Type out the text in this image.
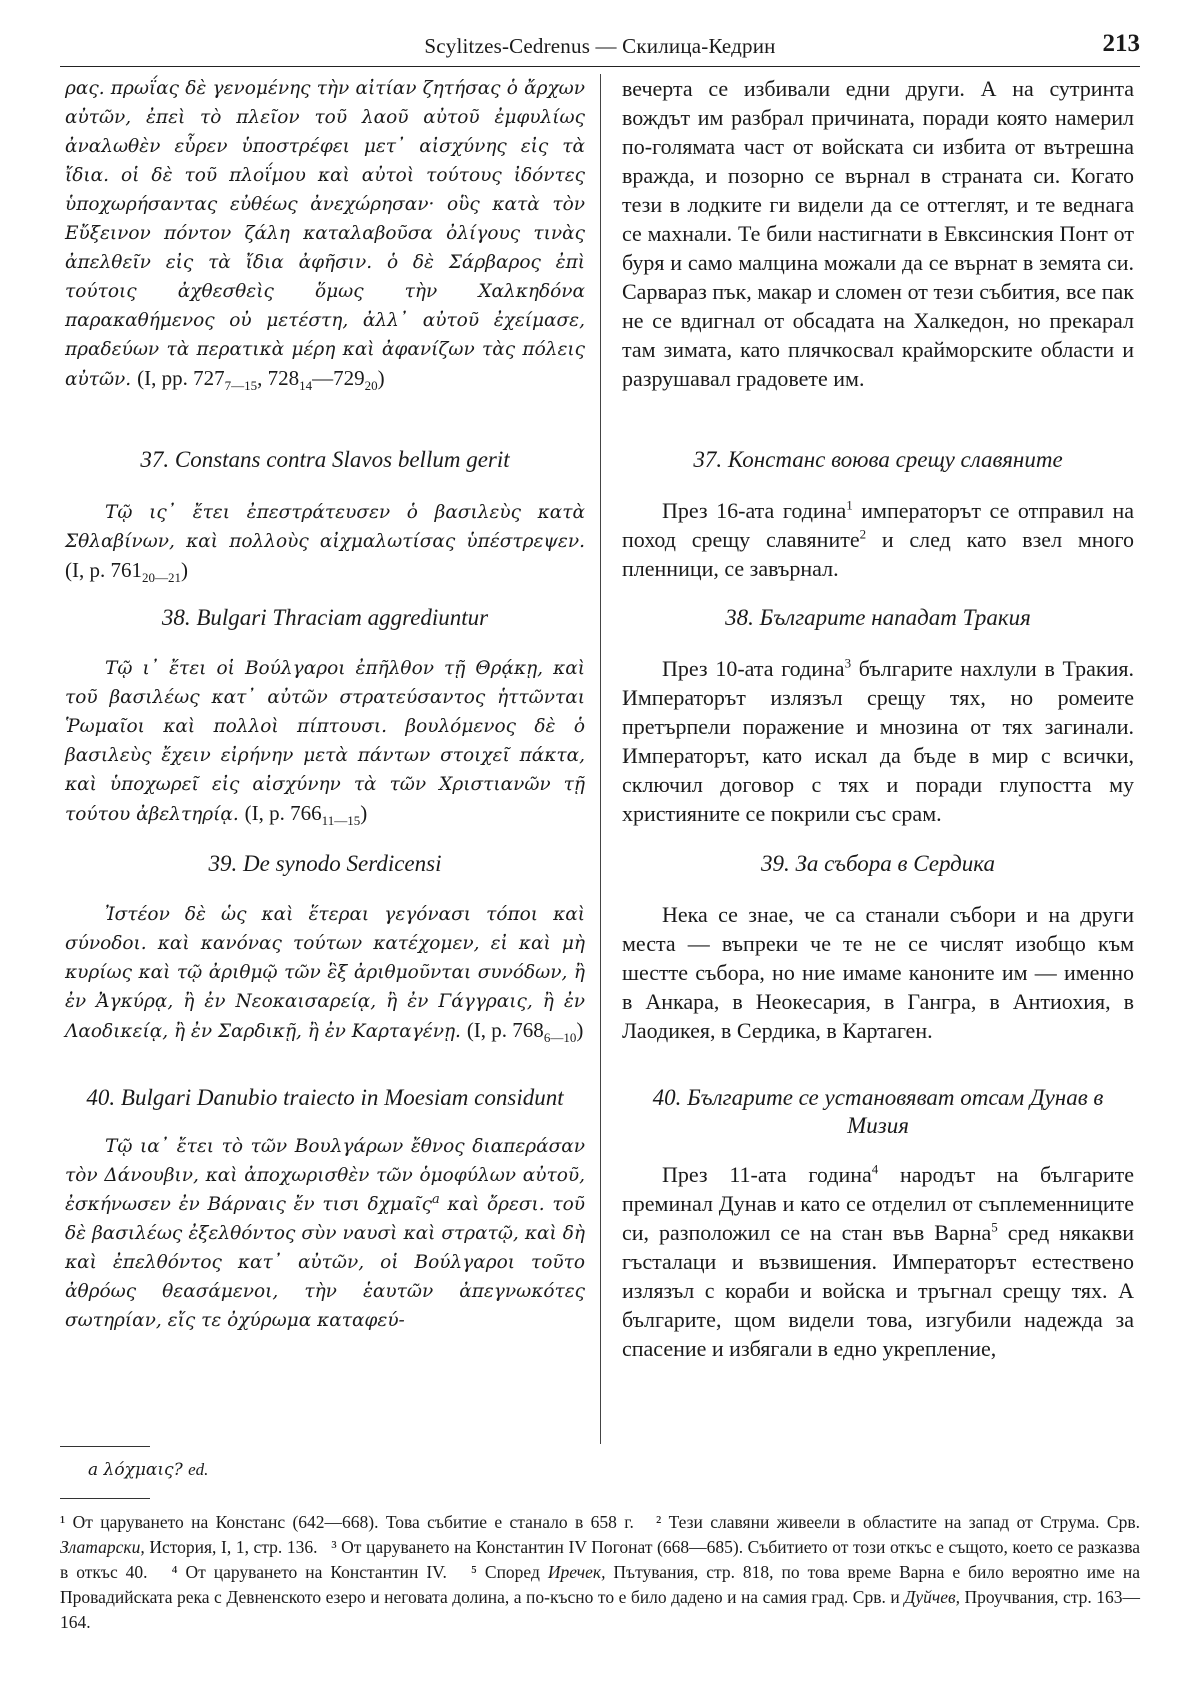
Scylitzes-Cedrenus — Скилица-Кедрин	213
ρας. πρωΐας δὲ γενομένης τὴν αἰτίαν ζητήσας ὁ ἄρχων αὐτῶν, ἐπεὶ τὸ πλεῖον τοῦ λαοῦ αὐτοῦ ἐμφυλίως ἀναλωθὲν εὗρεν ὑποστρέφει μετ᾽ αἰσχύνης εἰς τὰ ἴδια. οἱ δὲ τοῦ πλοΐμου καὶ αὐτοὶ τούτους ἰδόντες ὑποχωρήσαντας εὐθέως ἀνεχώρησαν· οὓς κατὰ τὸν Εὔξεινον πόντον ζάλη καταλαβοῦσα ὀλίγους τινὰς ἀπελθεῖν εἰς τὰ ἴδια ἀφῆσιν. ὁ δὲ Σάρβαρος ἐπὶ τούτοις ἀχθεσθεὶς ὅμως τὴν Χαλκηδόνα παρακαθήμενος οὐ μετέστη, ἀλλ᾽ αὐτοῦ ἐχείμασε, πραδεύων τὰ περατικὰ μέρη καὶ ἀφανίζων τὰς πόλεις αὐτῶν. (I, pp. $727_{7—15}$, $728_{14}—729_{20}$)
37. Constans contra Slavos bellum gerit
Τῷ ις᾽ ἔτει ἐπεστράτευσεν ὁ βασιλεὺς κατὰ Σθλαβίνων, καὶ πολλοὺς αἰχμαλωτίσας ὑπέστρεψεν. (I, p. $761_{20—21}$)
38. Bulgari Thraciam aggrediuntur
Τῷ ι᾽ ἔτει οἱ Βούλγαροι ἐπῆλθον τῇ Θρᾴκῃ, καὶ τοῦ βασιλέως κατ᾽ αὐτῶν στρατεύσαντος ἡττῶνται Ῥωμαῖοι καὶ πολλοὶ πίπτουσι. βουλόμενος δὲ ὁ βασιλεὺς ἔχειν εἰρήνην μετὰ πάντων στοιχεῖ πάκτα, καὶ ὑποχωρεῖ εἰς αἰσχύνην τὰ τῶν Χριστιανῶν τῇ τούτου ἀβελτηρίᾳ. (I, p. $766_{11—15}$)
39. De synodo Serdicensi
Ἰστέον δὲ ὡς καὶ ἕτεραι γεγόνασι τόποι καὶ σύνοδοι. καὶ κανόνας τούτων κατέχομεν, εἰ καὶ μὴ κυρίως καὶ τῷ ἀριθμῷ τῶν ἓξ ἀριθμοῦνται συνόδων, ἢ ἐν Ἀγκύρᾳ, ἢ ἐν Νεοκαισαρείᾳ, ἢ ἐν Γάγγραις, ἢ ἐν Λαοδικείᾳ, ἢ ἐν Σαρδικῇ, ἢ ἐν Καρταγένῃ. (I, p. $768_{6—10}$)
40. Bulgari Danubio traiecto in Moesiam considunt
Τῷ ια᾽ ἔτει τὸ τῶν Βουλγάρων ἔθνος διαπεράσαν τὸν Δάνουβιν, καὶ ἀποχωρισθὲν τῶν ὁμοφύλων αὐτοῦ, ἐσκήνωσεν ἐν Βάρναις ἔν τισι δχμαῖς$^a$ καὶ ὄρεσι. τοῦ δὲ βασιλέως ἐξελθόντος σὺν ναυσὶ καὶ στρατῷ, καὶ δὴ καὶ ἐπελθόντος κατ᾽ αὐτῶν, οἱ Βούλγαροι τοῦτο ἀθρόως θεασάμενοι, τὴν ἑαυτῶν ἀπεγνωκότες σωτηρίαν, εἴς τε ὀχύρωμα καταφεύ-
вечерта се избивали едни други. А на сутринта вождът им разбрал причината, поради която намерил по-голямата част от войската си избита от вътрешна вражда, и позорно се върнал в страната си. Когато тези в лодките ги видели да се оттеглят, и те веднага се махнали. Те били настигнати в Евксинския Понт от буря и само малцина можали да се върнат в земята си. Сарвараз пък, макар и сломен от тези събития, все пак не се вдигнал от обсадата на Халкедон, но прекарал там зимата, като плячкосвал крайморските области и разрушавал градовете им.
37. Констанс воюва срещу славяните
През 16-ата година$^1$ императорът се отправил на поход срещу славяните$^2$ и след като взел много пленници, се завърнал.
38. Българите нападат Тракия
През 10-ата година$^3$ българите нахлули в Тракия. Императорът излязъл срещу тях, но ромеите претърпели поражение и мнозина от тях загинали. Императорът, като искал да бъде в мир с всички, сключил договор с тях и поради глупостта му християните се покрили със срам.
39. За събора в Сердика
Нека се знае, че са станали събори и на други места — въпреки че те не се числят изобщо към шестте събора, но ние имаме каноните им — именно в Анкара, в Неокесария, в Гангра, в Антиохия, в Лаодикея, в Сердика, в Картаген.
40. Българите се установяват отсам Дунав в Мизия
През 11-ата година$^4$ народът на българите преминал Дунав и като се отделил от съплеменниците си, разположил се на стан във Варна$^5$ сред някакви гъсталаци и възвишения. Императорът естествено излязъл с кораби и войска и тръгнал срещу тях. А българите, щом видели това, изгубили надежда за спасение и избягали в едно укрепление,
a λόχμαις? ed.
¹ От царуването на Констанс (642—668). Това събитие е станало в 658 г. ² Тези славяни живеели в областите на запад от Струма. Срв. Златарски, История, I, 1, стр. 136. ³ От царуването на Константин IV Погонат (668—685). Събитието от този откъс е същото, което се разказва в откъс 40. ⁴ От царуването на Константин IV. ⁵ Според Иречек, Пътувания, стр. 818, по това време Варна е било вероятно име на Провадийската река с Девненското езеро и неговата долина, а по-късно то е било дадено и на самия град. Срв. и Дуйчев, Проучвания, стр. 163—164.
